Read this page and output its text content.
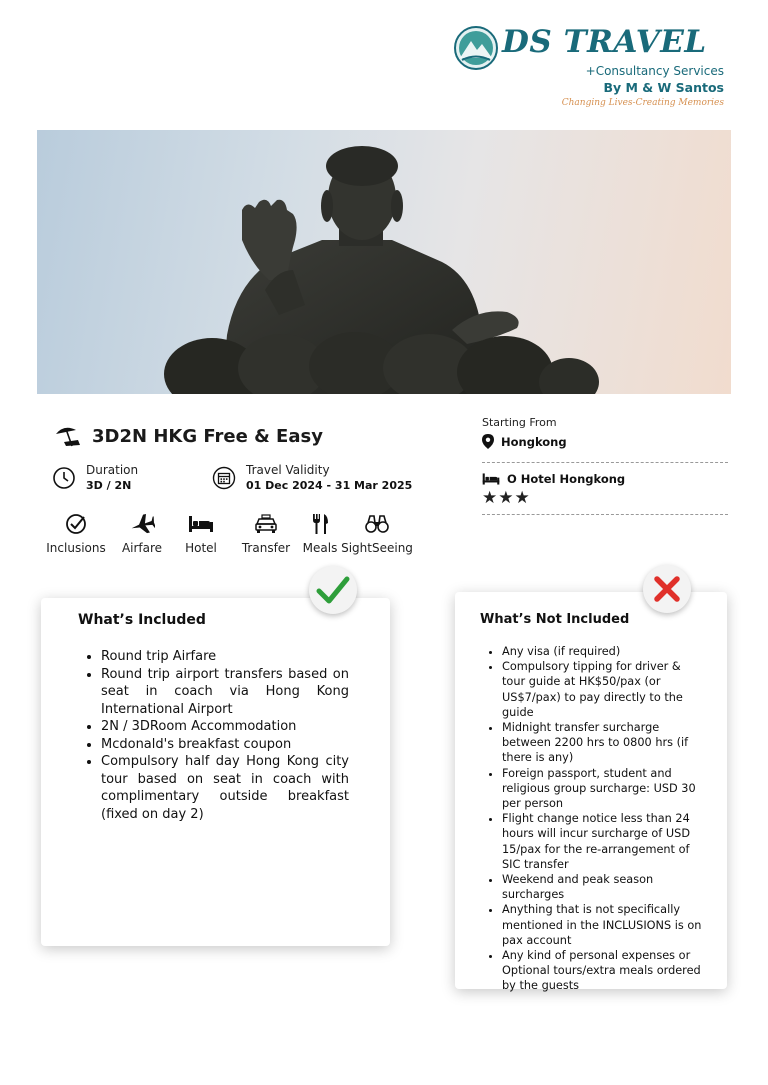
DS TRAVEL
+Consultancy Services
By M & W Santos
Changing Lives-Creating Memories
3D2N HKG Free & Easy
Duration
3D / 2N
Travel Validity
01 Dec 2024 - 31 Mar 2025
Inclusions Airfare Hotel Transfer Meals SightSeeing
Starting From
Hongkong
O Hotel Hongkong
★★★
What’s Included
• Round trip Airfare
• Round trip airport transfers based on seat in coach via Hong Kong International Airport
• 2N / 3DRoom Accommodation
• Mcdonald's breakfast coupon
• Compulsory half day Hong Kong city tour based on seat in coach with complimentary outside breakfast (fixed on day 2)
What’s Not Included
• Any visa (if required)
• Compulsory tipping for driver & tour guide at HK$50/pax (or US$7/pax) to pay directly to the guide
• Midnight transfer surcharge between 2200 hrs to 0800 hrs (if there is any)
• Foreign passport, student and religious group surcharge: USD 30 per person
• Flight change notice less than 24 hours will incur surcharge of USD 15/pax for the re-arrangement of SIC transfer
• Weekend and peak season surcharges
• Anything that is not specifically mentioned in the INCLUSIONS is on pax account
• Any kind of personal expenses or Optional tours/extra meals ordered by the guests
